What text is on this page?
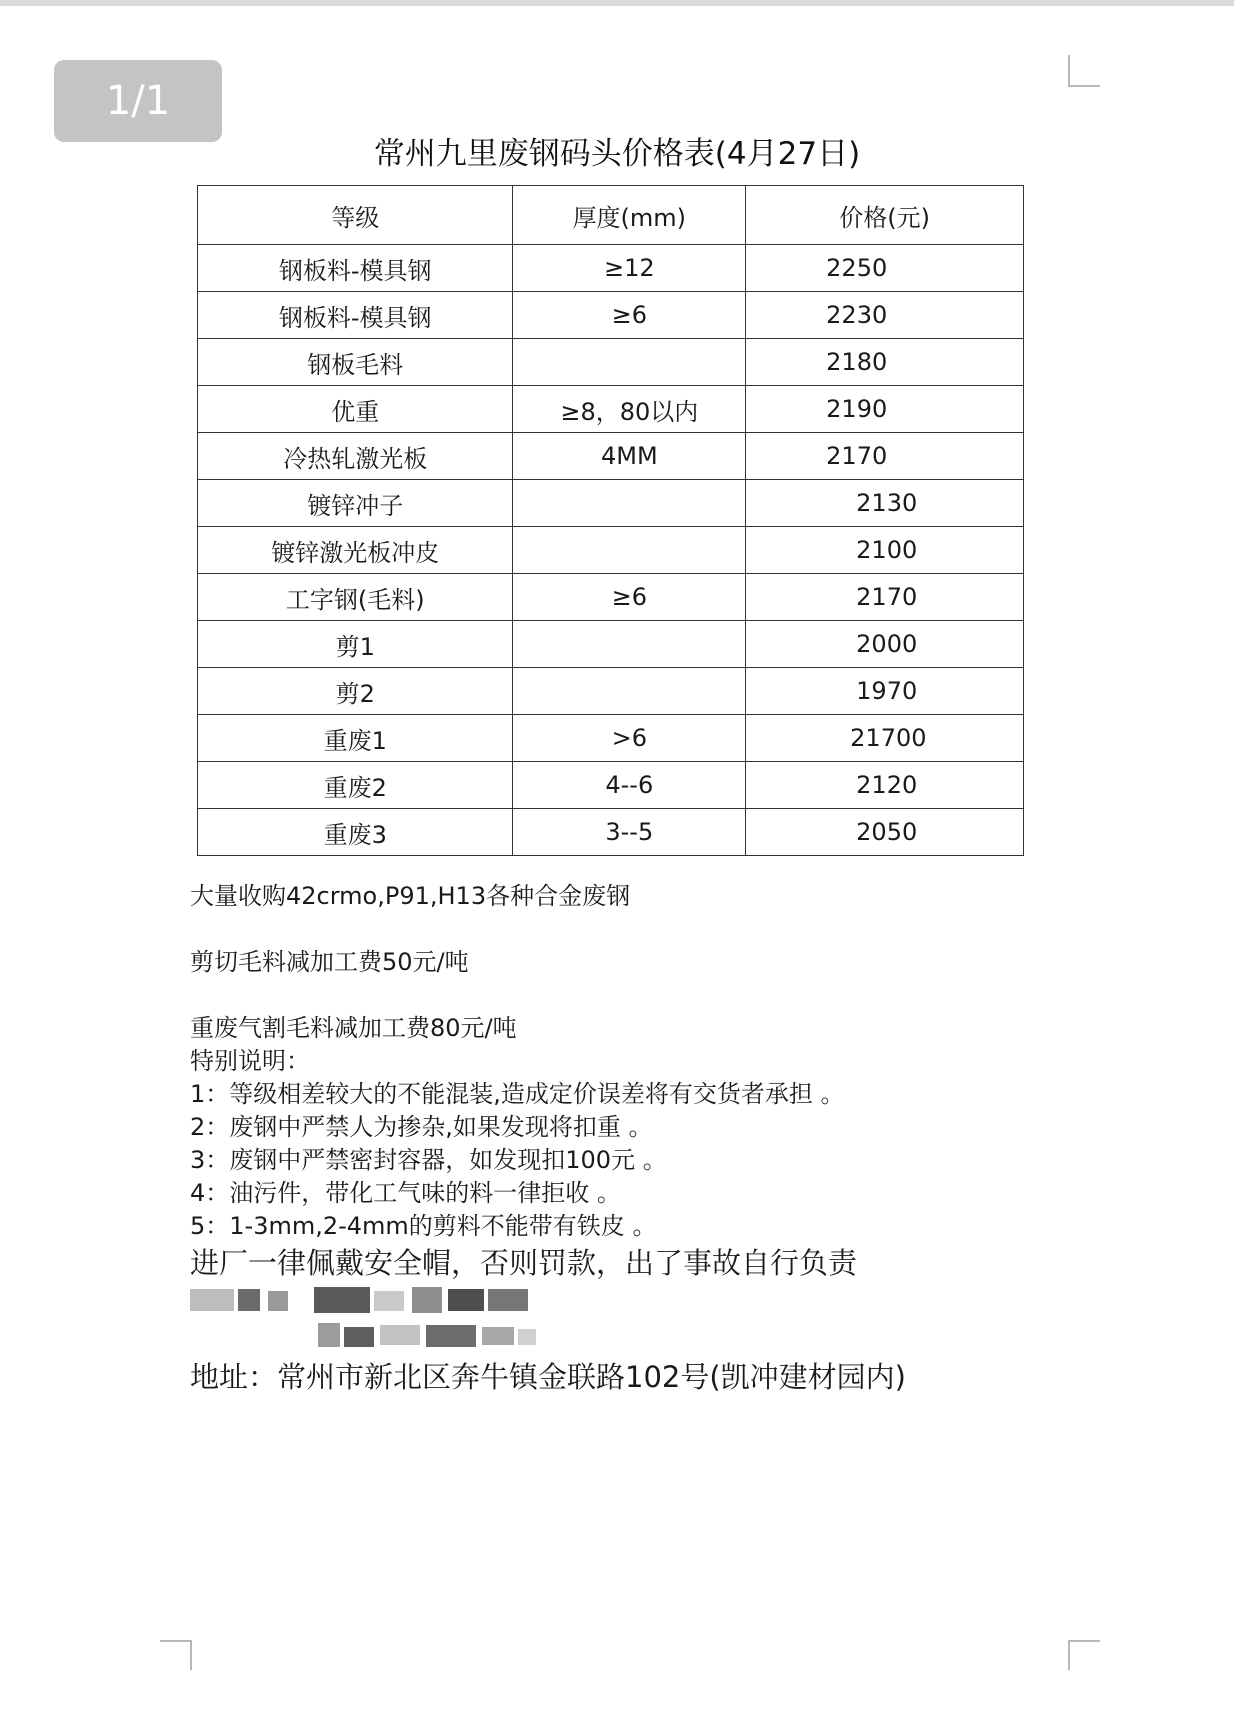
1/1
常州九里废钢码头价格表(4月27日)
等级	厚度(mm)	价格(元)
钢板料-模具钢	≥12	2250
钢板料-模具钢	≥6	2230
钢板毛料		2180
优重	≥8，80以内	2190
冷热轧激光板	4MM	2170
镀锌冲子		2130
镀锌激光板冲皮		2100
工字钢(毛料)	≥6	2170
剪1		2000
剪2		1970
重废1	>6	21700
重废2	4--6	2120
重废3	3--5	2050
大量收购42crmo,P91,H13各种合金废钢
剪切毛料减加工费50元/吨
重废气割毛料减加工费80元/吨
特别说明：
1：等级相差较大的不能混装,造成定价误差将有交货者承担 。
2：废钢中严禁人为掺杂,如果发现将扣重 。
3：废钢中严禁密封容器，如发现扣100元 。
4：油污件，带化工气味的料一律拒收 。
5：1-3mm,2-4mm的剪料不能带有铁皮 。
进厂一律佩戴安全帽，否则罚款，出了事故自行负责
地址：常州市新北区奔牛镇金联路102号(凯冲建材园内)
